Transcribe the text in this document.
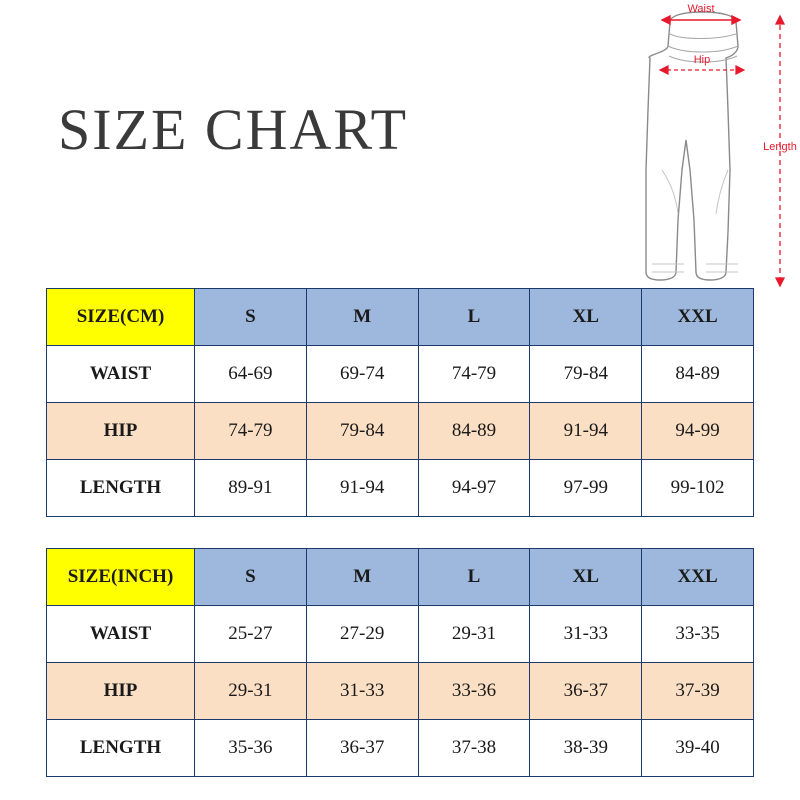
SIZE CHART
Waist
Hip
Length
SIZE(CM)	S	M	L	XL	XXL
WAIST	64-69	69-74	74-79	79-84	84-89
HIP	74-79	79-84	84-89	91-94	94-99
LENGTH	89-91	91-94	94-97	97-99	99-102
SIZE(INCH)	S	M	L	XL	XXL
WAIST	25-27	27-29	29-31	31-33	33-35
HIP	29-31	31-33	33-36	36-37	37-39
LENGTH	35-36	36-37	37-38	38-39	39-40
